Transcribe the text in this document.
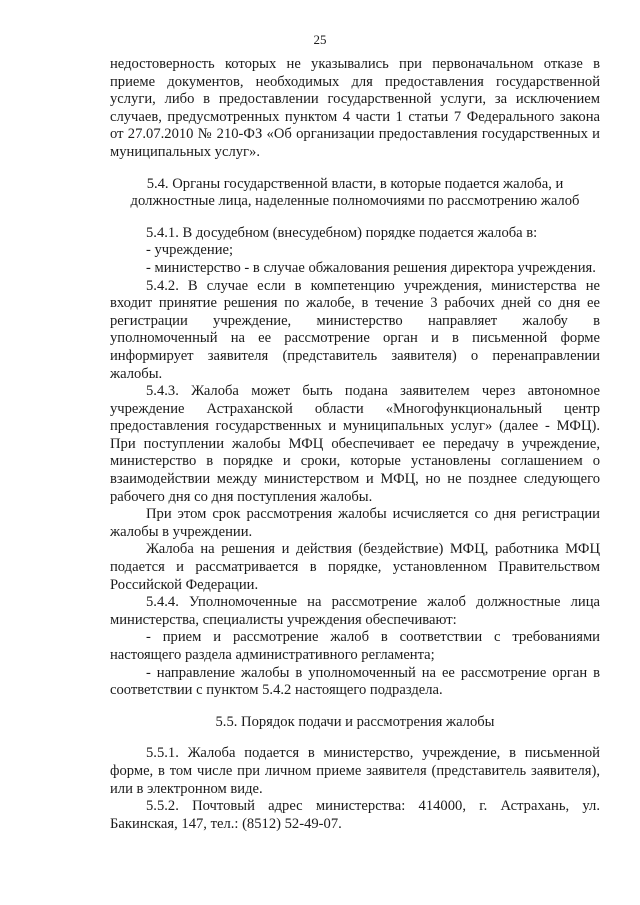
25

недостоверность которых не указывались при первоначальном отказе в приеме документов, необходимых для предоставления государственной услуги, либо в предоставлении государственной услуги, за исключением случаев, предусмотренных пунктом 4 части 1 статьи 7 Федерального закона от 27.07.2010 № 210-ФЗ «Об организации предоставления государственных и муниципальных услуг».

5.4. Органы государственной власти, в которые подается жалоба, и должностные лица, наделенные полномочиями по рассмотрению жалоб

5.4.1. В досудебном (внесудебном) порядке подается жалоба в:

- учреждение;

- министерство - в случае обжалования решения директора учреждения.

5.4.2. В случае если в компетенцию учреждения, министерства не входит принятие решения по жалобе, в течение 3 рабочих дней со дня ее регистрации учреждение, министерство направляет жалобу в уполномоченный на ее рассмотрение орган и в письменной форме информирует заявителя (представитель заявителя) о перенаправлении жалобы.

5.4.3. Жалоба может быть подана заявителем через автономное учреждение Астраханской области «Многофункциональный центр предоставления государственных и муниципальных услуг» (далее - МФЦ). При поступлении жалобы МФЦ обеспечивает ее передачу в учреждение, министерство в порядке и сроки, которые установлены соглашением о взаимодействии между министерством и МФЦ, но не позднее следующего рабочего дня со дня поступления жалобы.

При этом срок рассмотрения жалобы исчисляется со дня регистрации жалобы в учреждении.

Жалоба на решения и действия (бездействие) МФЦ, работника МФЦ подается и рассматривается в порядке, установленном Правительством Российской Федерации.

5.4.4. Уполномоченные на рассмотрение жалоб должностные лица министерства, специалисты учреждения обеспечивают:

- прием и рассмотрение жалоб в соответствии с требованиями настоящего раздела административного регламента;

- направление жалобы в уполномоченный на ее рассмотрение орган в соответствии с пунктом 5.4.2 настоящего подраздела.

5.5. Порядок подачи и рассмотрения жалобы

5.5.1. Жалоба подается в министерство, учреждение, в письменной форме, в том числе при личном приеме заявителя (представитель заявителя), или в электронном виде.

5.5.2. Почтовый адрес министерства: 414000, г. Астрахань, ул. Бакинская, 147, тел.: (8512) 52-49-07.
